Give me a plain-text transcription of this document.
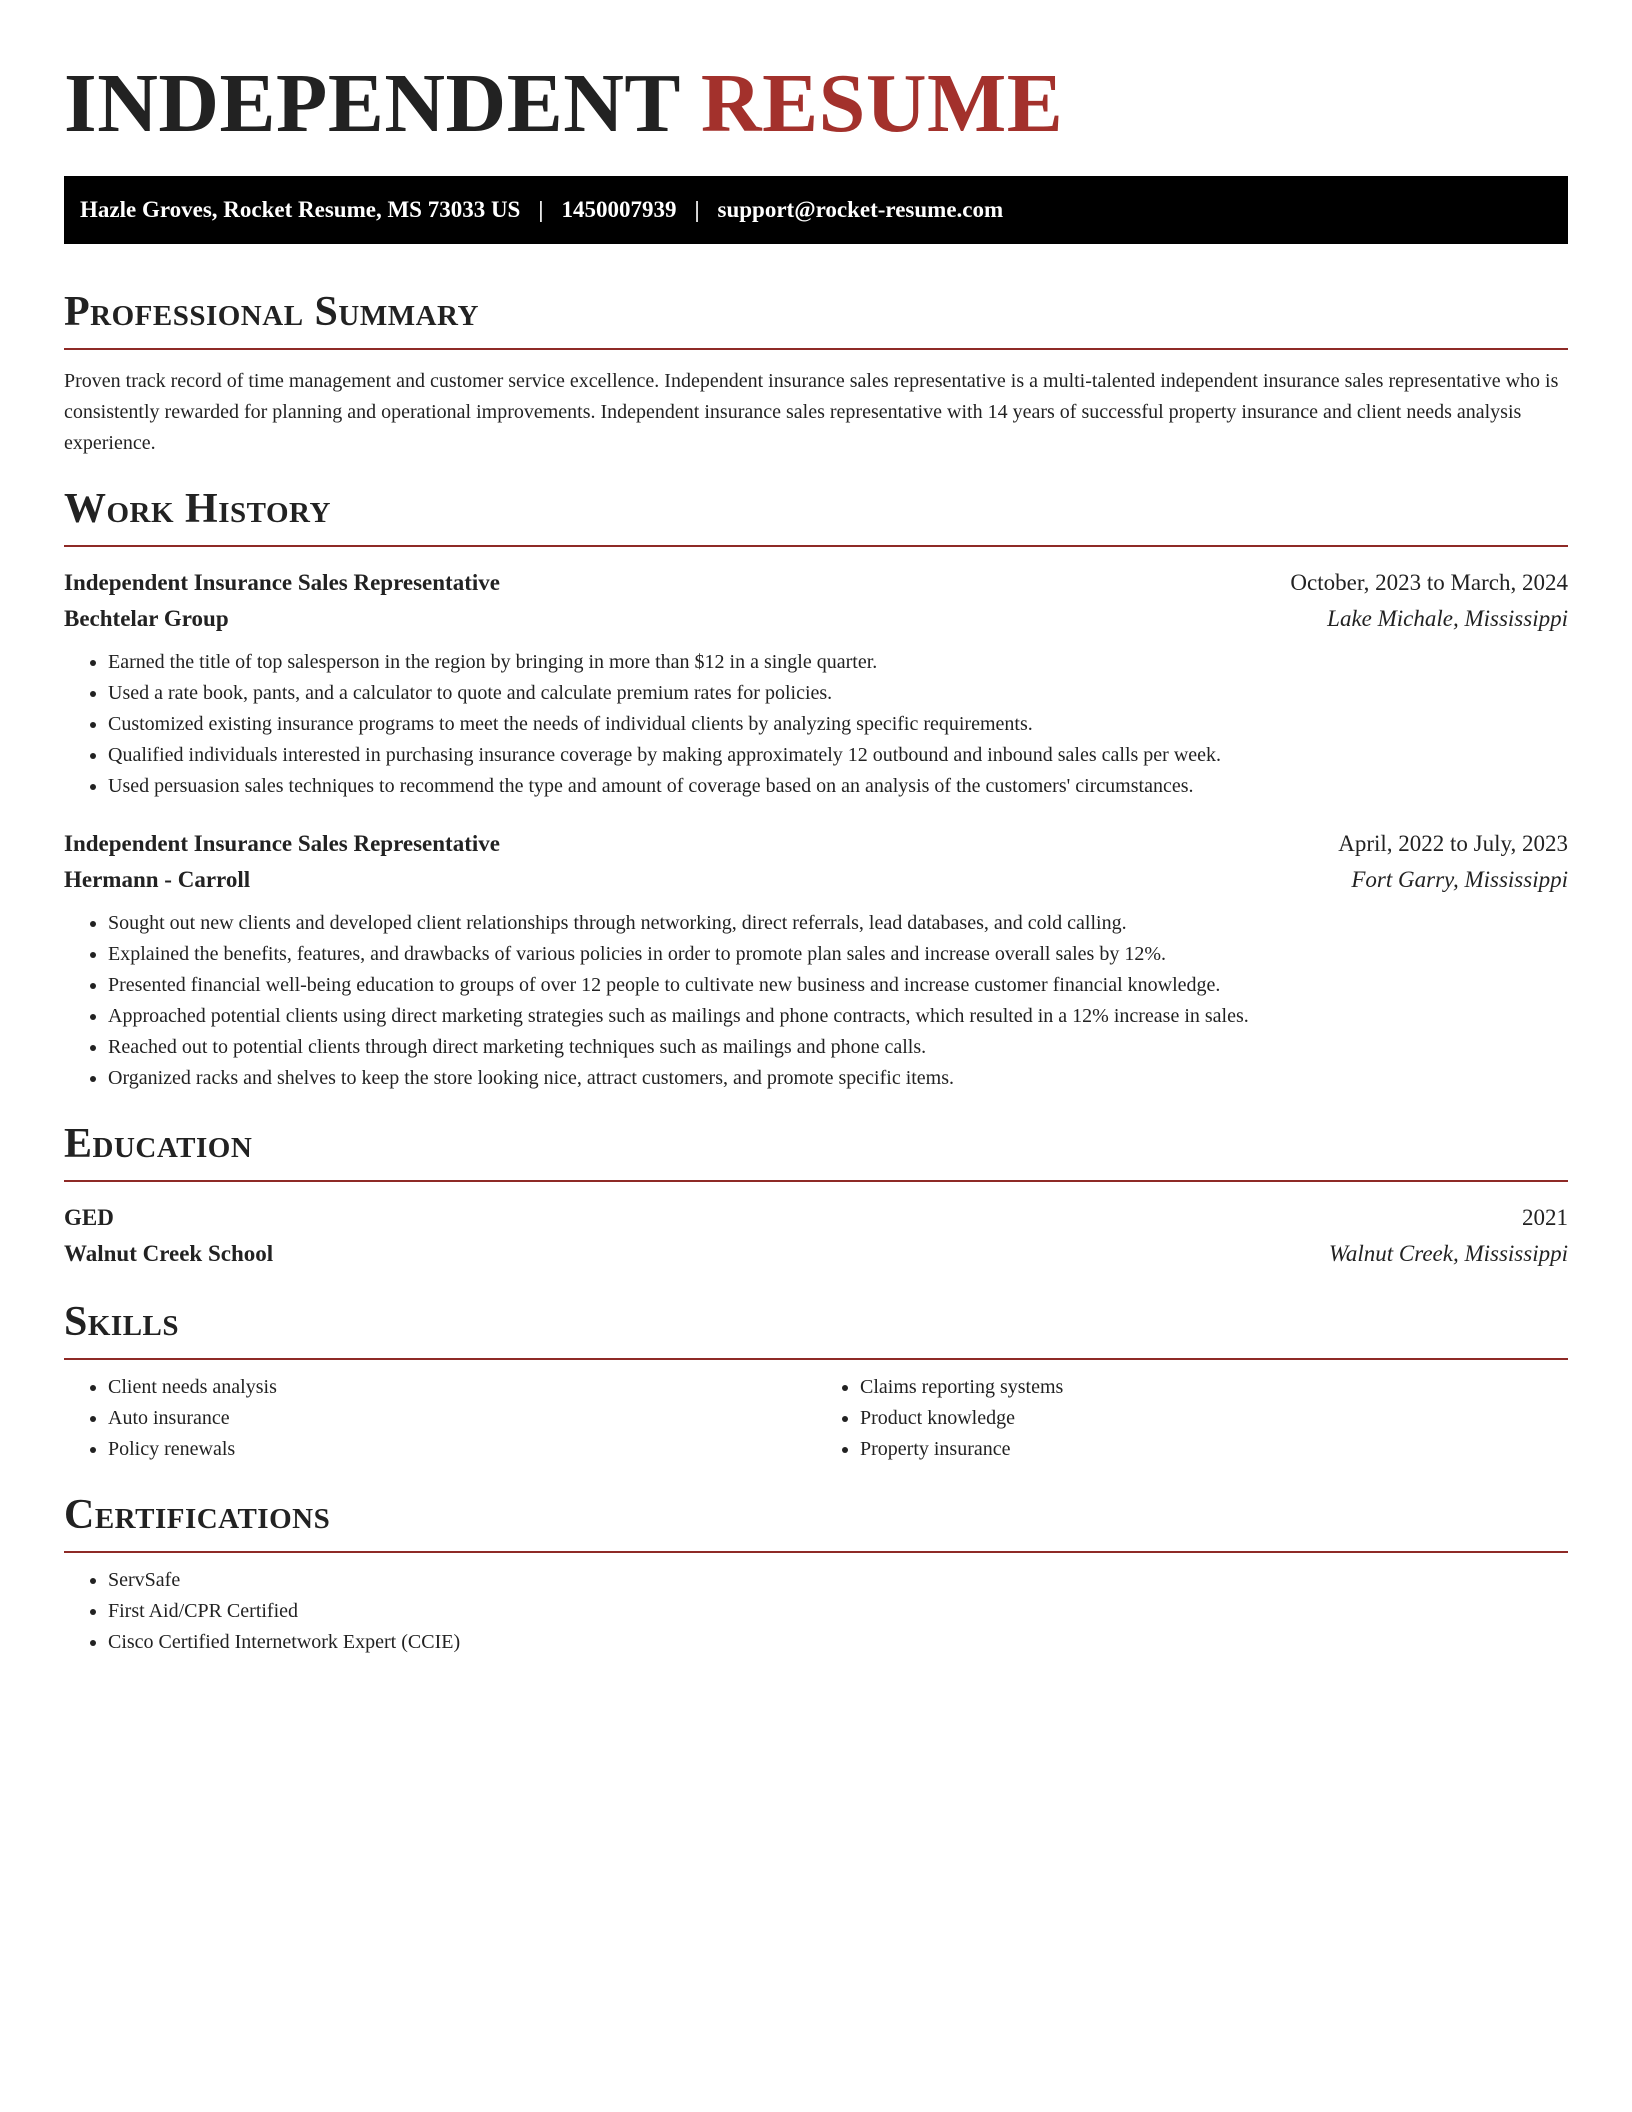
INDEPENDENT RESUME
Hazle Groves, Rocket Resume, MS 73033 US | 1450007939 | support@rocket-resume.com
Professional Summary

Proven track record of time management and customer service excellence. Independent insurance sales representative is a multi-talented independent insurance sales representative who is consistently rewarded for planning and operational improvements. Independent insurance sales representative with 14 years of successful property insurance and client needs analysis experience.

Work History
Independent Insurance Sales Representative	October, 2023 to March, 2024
Bechtelar Group	Lake Michale, Mississippi
• Earned the title of top salesperson in the region by bringing in more than $12 in a single quarter.
• Used a rate book, pants, and a calculator to quote and calculate premium rates for policies.
• Customized existing insurance programs to meet the needs of individual clients by analyzing specific requirements.
• Qualified individuals interested in purchasing insurance coverage by making approximately 12 outbound and inbound sales calls per week.
• Used persuasion sales techniques to recommend the type and amount of coverage based on an analysis of the customers' circumstances.
Independent Insurance Sales Representative	April, 2022 to July, 2023
Hermann - Carroll	Fort Garry, Mississippi
• Sought out new clients and developed client relationships through networking, direct referrals, lead databases, and cold calling.
• Explained the benefits, features, and drawbacks of various policies in order to promote plan sales and increase overall sales by 12%.
• Presented financial well-being education to groups of over 12 people to cultivate new business and increase customer financial knowledge.
• Approached potential clients using direct marketing strategies such as mailings and phone contracts, which resulted in a 12% increase in sales.
• Reached out to potential clients through direct marketing techniques such as mailings and phone calls.
• Organized racks and shelves to keep the store looking nice, attract customers, and promote specific items.
Education
GED	2021
Walnut Creek School	Walnut Creek, Mississippi
Skills
• Client needs analysis
• Auto insurance
• Policy renewals
• Claims reporting systems
• Product knowledge
• Property insurance
Certifications
• ServSafe
• First Aid/CPR Certified
• Cisco Certified Internetwork Expert (CCIE)
